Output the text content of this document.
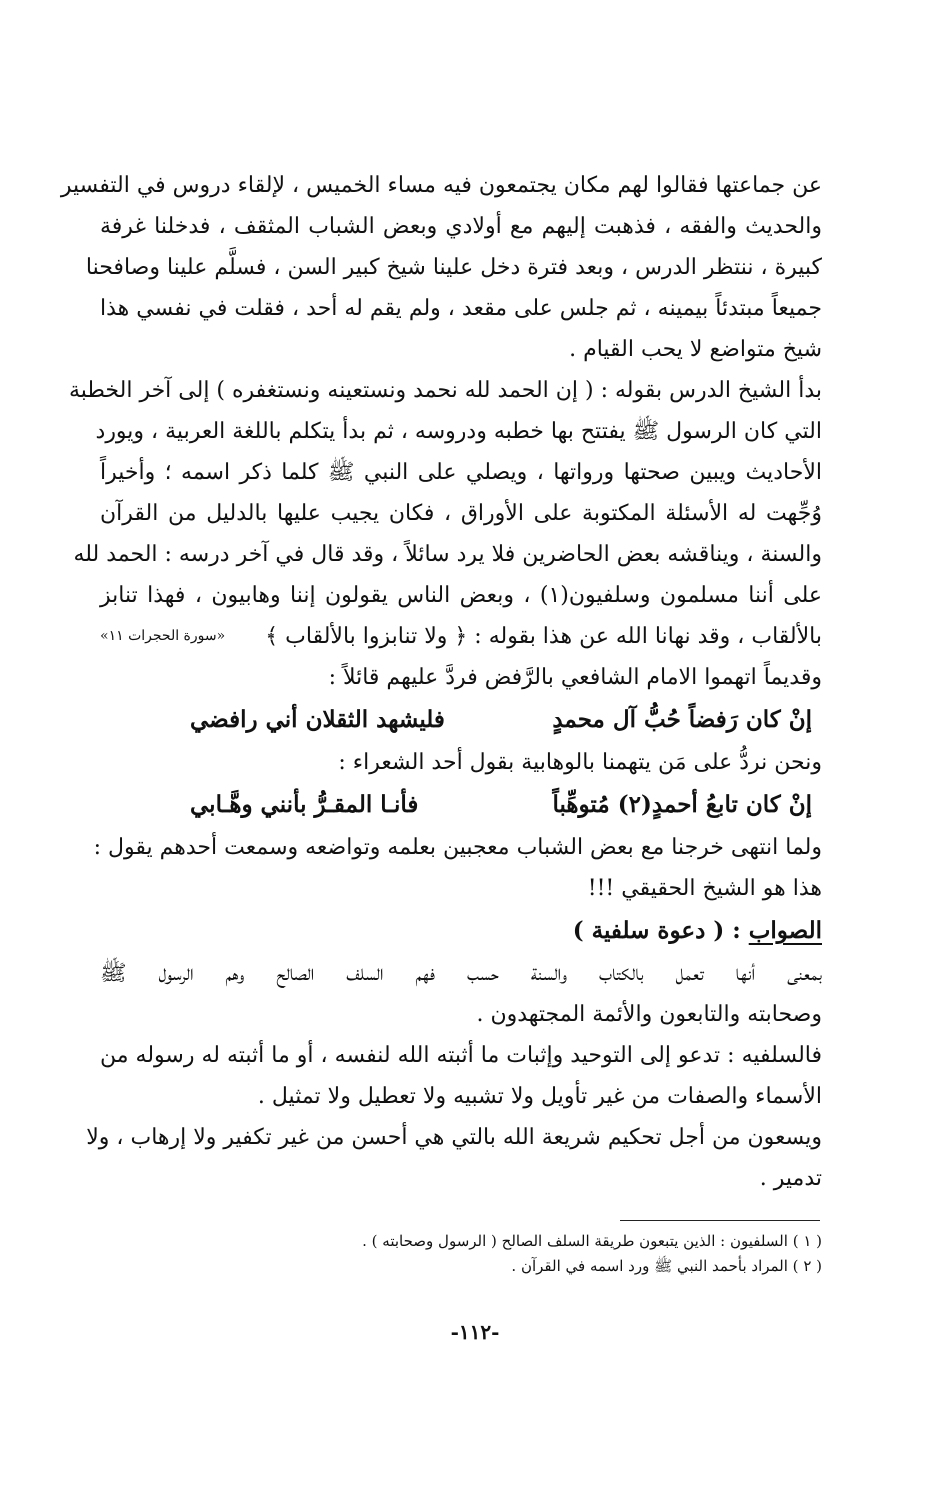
عن جماعتها فقالوا لهم مكان يجتمعون فيه مساء الخميس ، لإلقاء دروس في التفسير
والحديث والفقه ، فذهبت إليهم مع أولادي وبعض الشباب المثقف ، فدخلنا غرفة
كبيرة ، ننتظر الدرس ، وبعد فترة دخل علينا شيخ كبير السن ، فسلَّم علينا وصافحنا
جميعاً مبتدئاً بيمينه ، ثم جلس على مقعد ، ولم يقم له أحد ، فقلت في نفسي هذا
شيخ متواضع لا يحب القيام .
بدأ الشيخ الدرس بقوله : ( إن الحمد لله نحمد ونستعينه ونستغفره ) إلى آخر الخطبة
التي كان الرسول ﷺ يفتتح بها خطبه ودروسه ، ثم بدأ يتكلم باللغة العربية ، ويورد
الأحاديث ويبين صحتها ورواتها ، ويصلي على النبي ﷺ كلما ذكر اسمه ؛ وأخيراً
وُجِّهت له الأسئلة المكتوبة على الأوراق ، فكان يجيب عليها بالدليل من القرآن
والسنة ، ويناقشه بعض الحاضرين فلا يرد سائلاً ، وقد قال في آخر درسه : الحمد لله
على أننا مسلمون وسلفيون(١) ، وبعض الناس يقولون إننا وهابيون ، فهذا تنابز
بالألقاب ، وقد نهانا الله عن هذا بقوله : ﴿ ولا تنابزوا بالألقاب ﴾
«سورة الحجرات ١١»
وقديماً اتهموا الامام الشافعي بالرَّفض فردَّ عليهم قائلاً :
إنْ كان رَفضاً حُبُّ آل محمدٍ
فليشهد الثقلان أني رافضي
ونحن نردُّ على مَن يتهمنا بالوهابية بقول أحد الشعراء :
إنْ كان تابعُ أحمدٍ(٢) مُتوهِّباً
فأنـا المقـرُّ بأنني وهَّـابي
ولما انتهى خرجنا مع بعض الشباب معجبين بعلمه وتواضعه وسمعت أحدهم يقول :
هذا هو الشيخ الحقيقي !!!
الصواب : ( دعوة سلفية )
بمعنى أنها تعمل بالكتاب والسنة حسب فهم السلف الصالح وهم الرسول ﷺ
وصحابته والتابعون والأئمة المجتهدون .
فالسلفيه : تدعو إلى التوحيد وإثبات ما أثبته الله لنفسه ، أو ما أثبته له رسوله من
الأسماء والصفات من غير تأويل ولا تشبيه ولا تعطيل ولا تمثيل .
ويسعون من أجل تحكيم شريعة الله بالتي هي أحسن من غير تكفير ولا إرهاب ، ولا
تدمير .
( ١ ) السلفيون : الذين يتبعون طريقة السلف الصالح ( الرسول وصحابته ) .
( ٢ ) المراد بأحمد النبي ﷺ ورد اسمه في القرآن .
-١١٢-
